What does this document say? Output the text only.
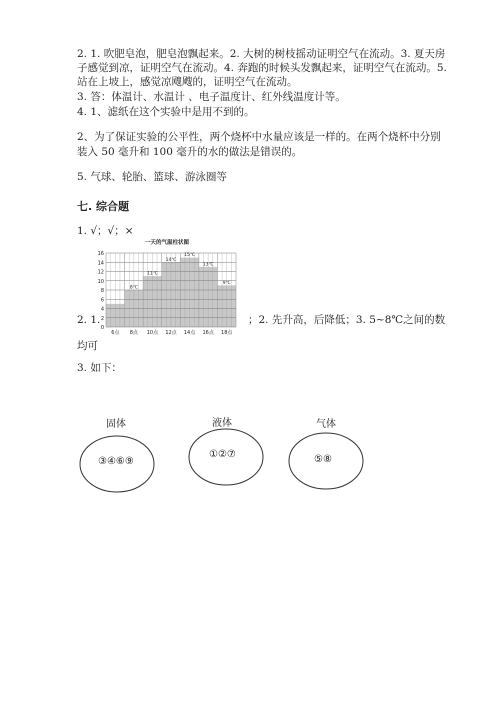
2. 1. 吹肥皂泡，肥皂泡飘起来。2. 大树的树枝摇动证明空气在流动。3. 夏天房
子感觉到凉，证明空气在流动。4. 奔跑的时候头发飘起来，证明空气在流动。5.
站在上坡上，感觉凉飕飕的，证明空气在流动。
3. 答：体温计、水温计 、电子温度计、红外线温度计等。
4. 1、滤纸在这个实验中是用不到的。
2、为了保证实验的公平性，两个烧杯中水量应该是一样的。在两个烧杯中分别
装入 50 毫升和 100 毫升的水的做法是错误的。
5. 气球、轮胎、篮球、游泳圈等
七. 综合题
1. √；√；×
2. 1.
一天的气温柱状图
0
2
4
6
8
10
12
14
16
6点 8点 10点 12点 14点 16点 18点
8℃
11℃
14℃
15℃
13℃
9℃
；2. 先升高，后降低；3. 5~8℃之间的数
均可
3. 如下：
固体
③④⑥⑨
液体
①②⑦
气体
⑤⑧
